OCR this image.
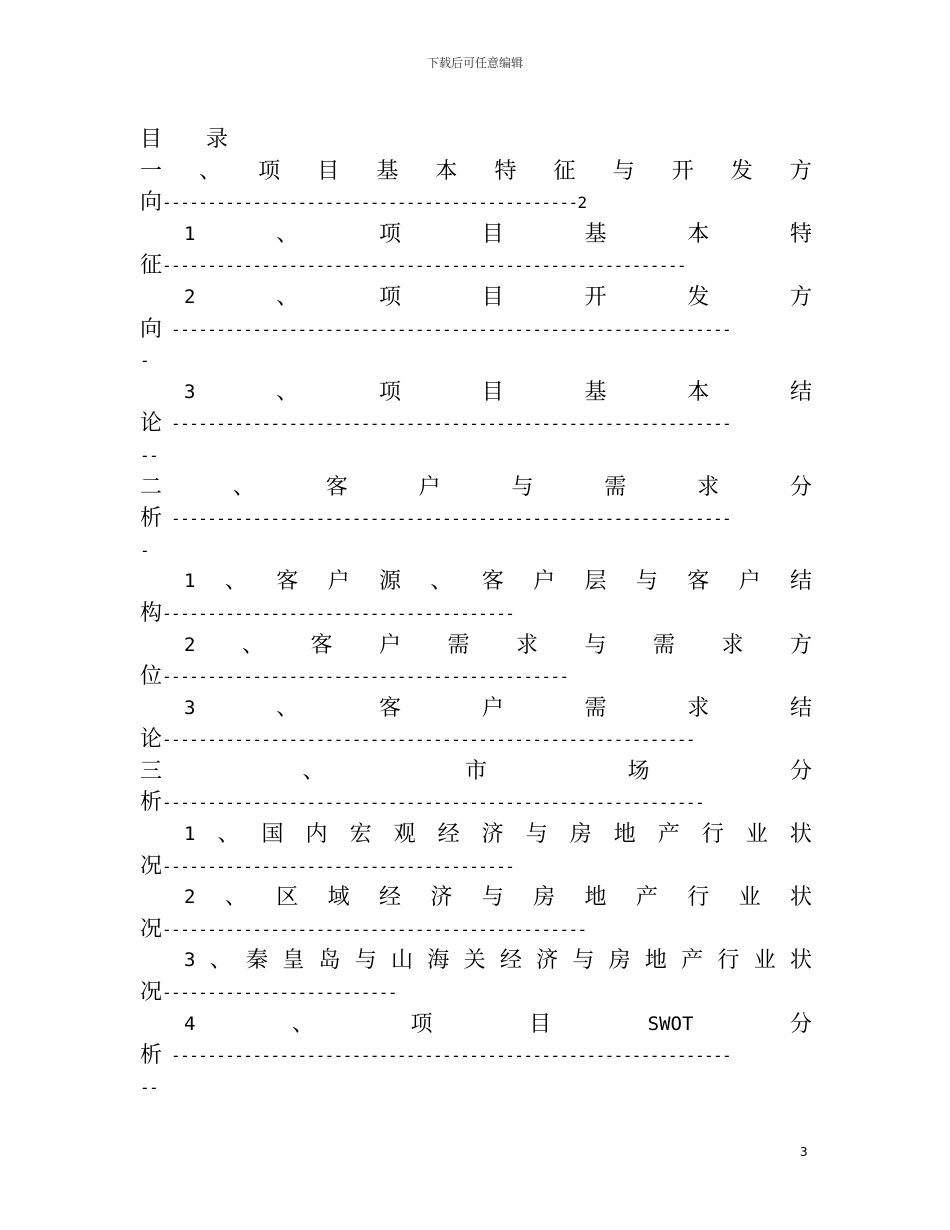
下载后可任意编辑
目 录
一 、 项 目 基 本 特 征 与 开 发 方
向 ----------------------------------------------2
1	、	项	目	基	本	特
征 ----------------------------------------------------------
2	、	项	目	开	发	方
向 --------------------------------------------------------------
-
3	、	项	目	基	本	结
论 --------------------------------------------------------------
--
二	、	客	户	与	需	求	分
析 --------------------------------------------------------------
-
1 、 客 户 源 、 客 户 层 与 客 户 结
构 ---------------------------------------
2 、 客 户 需 求 与 需 求 方
位 ---------------------------------------------
3	、	客	户	需	求	结
论 -----------------------------------------------------------
三	、	市	场	分
析 ------------------------------------------------------------
1 、 国 内 宏 观 经 济 与 房 地 产 行 业 状
况 ---------------------------------------
2 、 区 域 经 济 与 房 地 产 行 业 状
况 -----------------------------------------------
3 、 秦 皇 岛 与 山 海 关 经 济 与 房 地 产 行 业 状
况 --------------------------
4	、	项	目	SWOT	分
析 --------------------------------------------------------------
--
3
